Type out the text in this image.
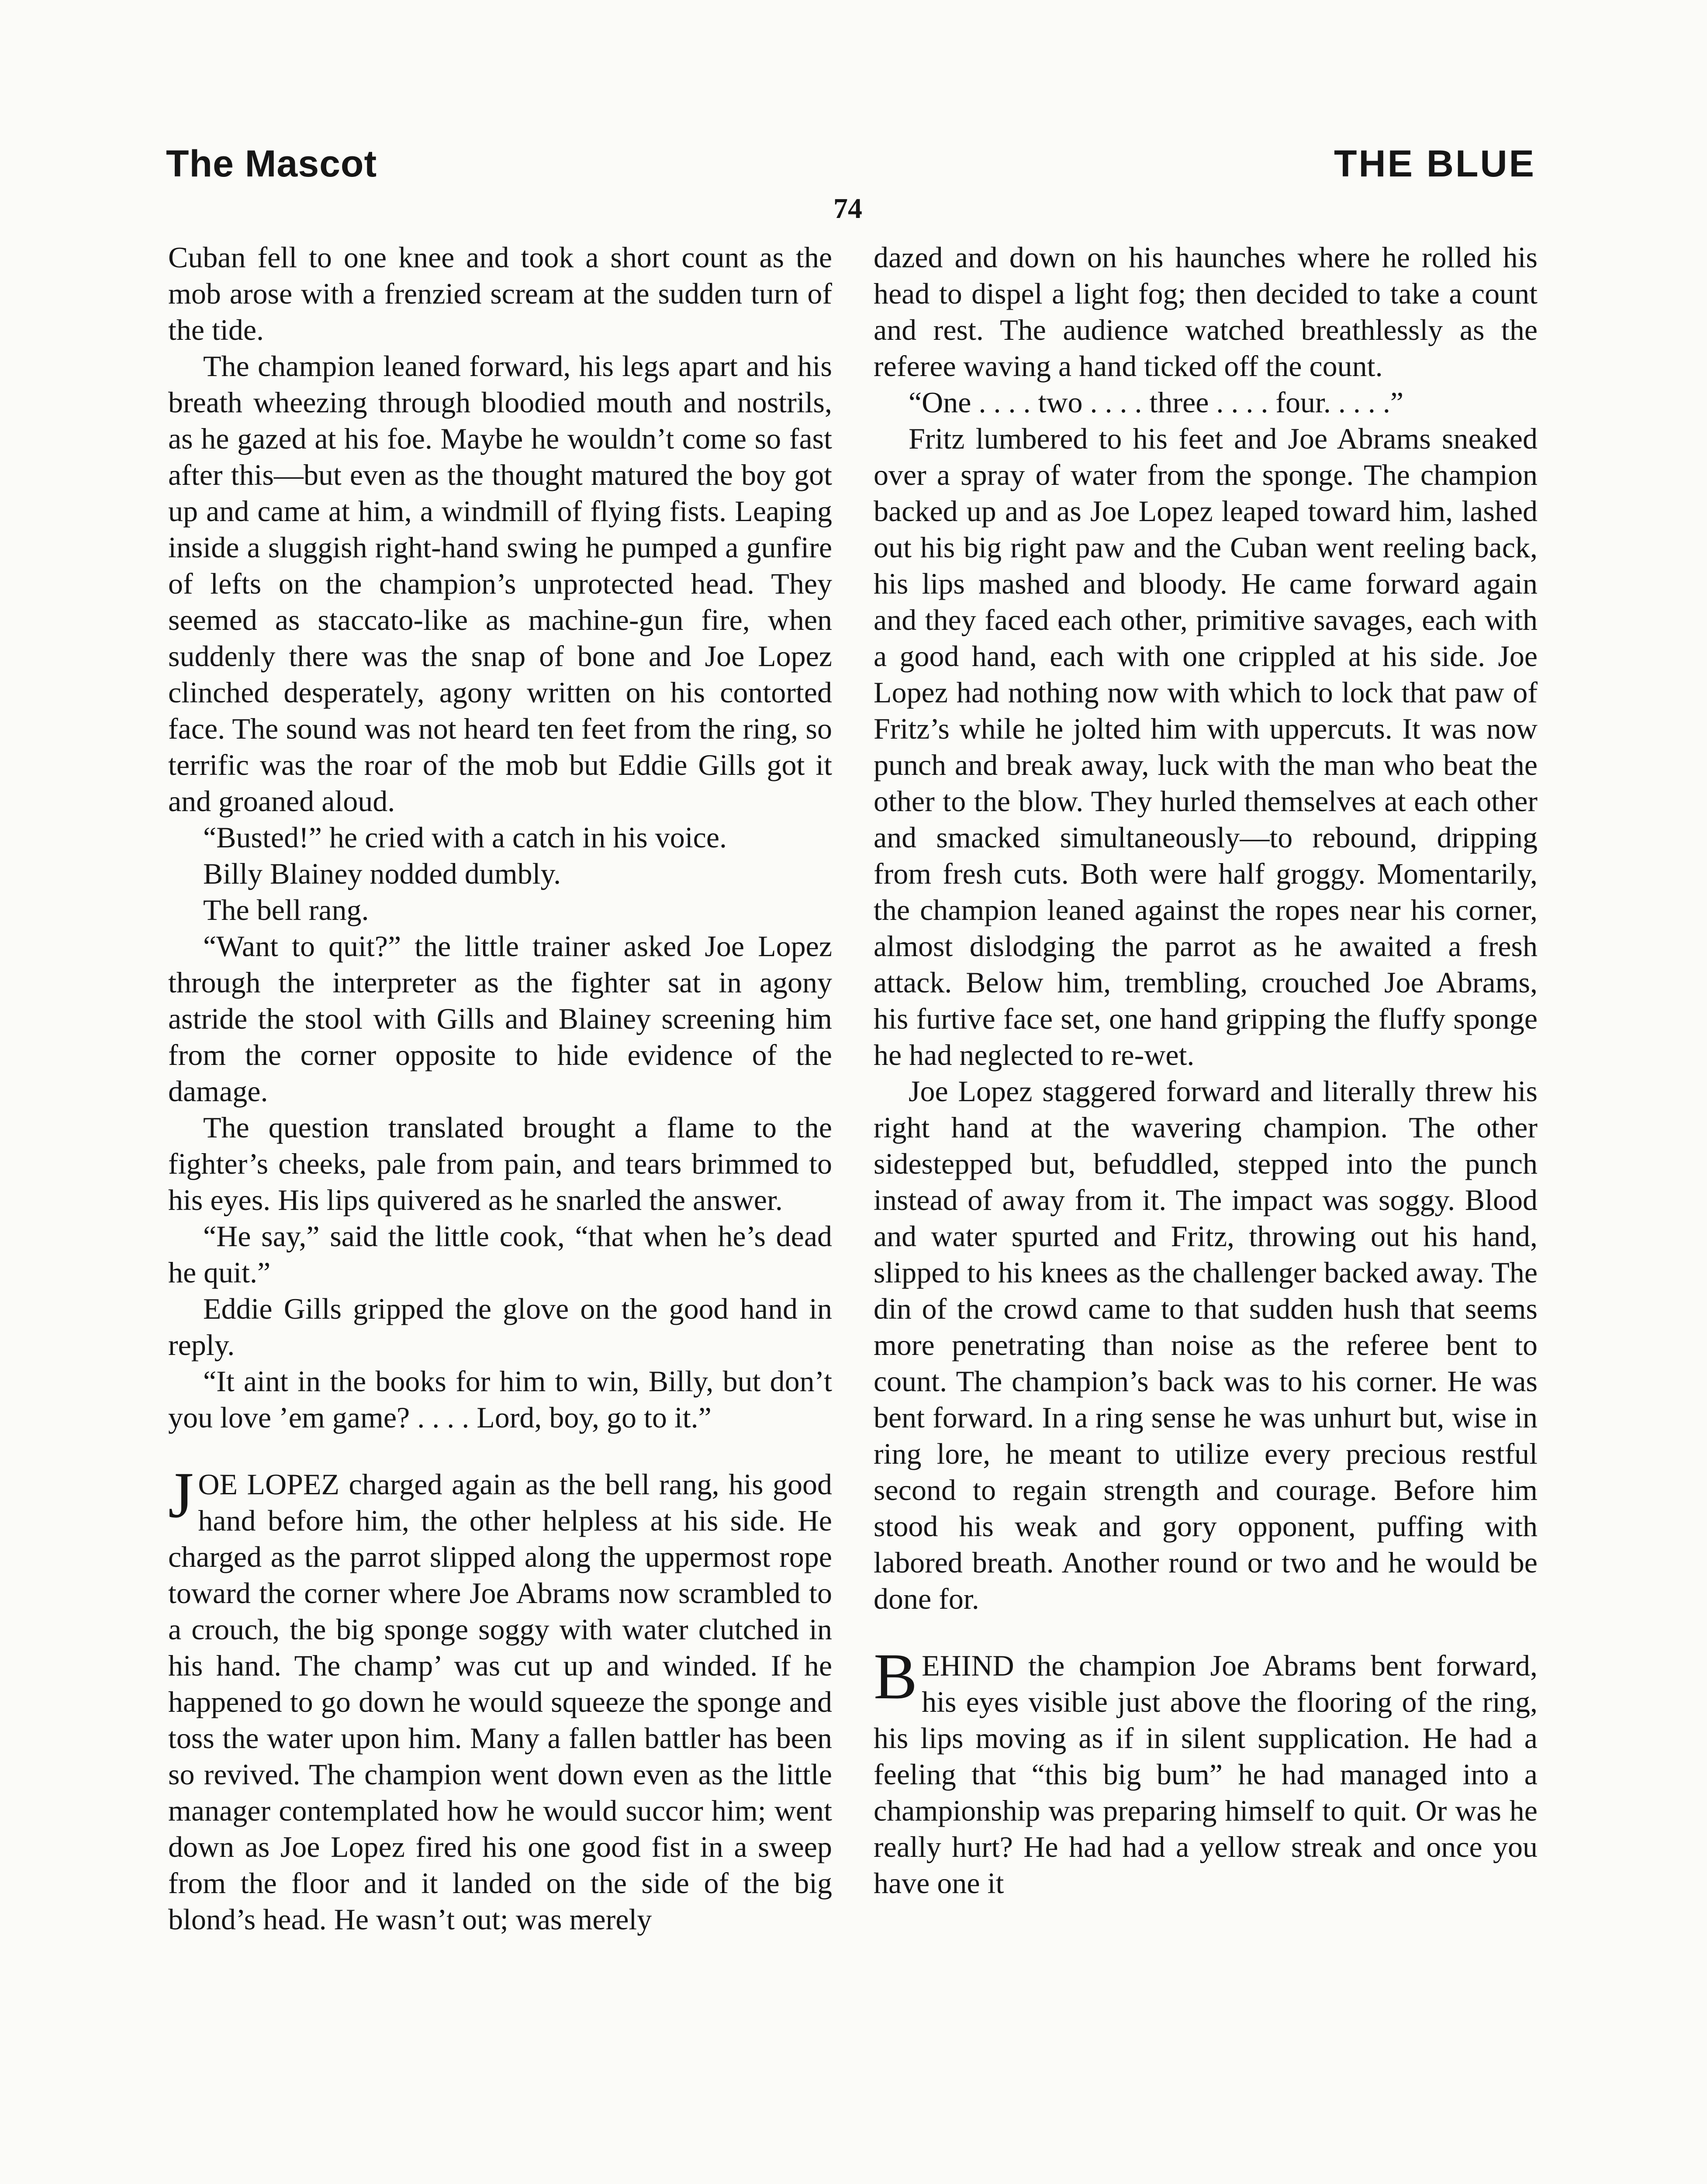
The Mascot	THE BLUE
74

Cuban fell to one knee and took a short count as the mob arose with a frenzied scream at the sudden turn of the tide.

The champion leaned forward, his legs apart and his breath wheezing through bloodied mouth and nostrils, as he gazed at his foe. Maybe he wouldn’t come so fast after this—but even as the thought matured the boy got up and came at him, a windmill of flying fists. Leaping inside a sluggish right-hand swing he pumped a gunfire of lefts on the champion’s unprotected head. They seemed as staccato-like as machine-gun fire, when suddenly there was the snap of bone and Joe Lopez clinched desperately, agony written on his contorted face. The sound was not heard ten feet from the ring, so terrific was the roar of the mob but Eddie Gills got it and groaned aloud.

“Busted!” he cried with a catch in his voice.

Billy Blainey nodded dumbly.

The bell rang.

“Want to quit?” the little trainer asked Joe Lopez through the interpreter as the fighter sat in agony astride the stool with Gills and Blainey screening him from the corner opposite to hide evidence of the damage.

The question translated brought a flame to the fighter’s cheeks, pale from pain, and tears brimmed to his eyes. His lips quivered as he snarled the answer.

“He say,” said the little cook, “that when he’s dead he quit.”

Eddie Gills gripped the glove on the good hand in reply.

“It aint in the books for him to win, Billy, but don’t you love ’em game? . . . . Lord, boy, go to it.”

JOE LOPEZ charged again as the bell rang, his good hand before him, the other helpless at his side. He charged as the parrot slipped along the uppermost rope toward the corner where Joe Abrams now scrambled to a crouch, the big sponge soggy with water clutched in his hand. The champ’ was cut up and winded. If he happened to go down he would squeeze the sponge and toss the water upon him. Many a fallen battler has been so revived. The champion went down even as the little manager contemplated how he would succor him; went down as Joe Lopez fired his one good fist in a sweep from the floor and it landed on the side of the big blond’s head. He wasn’t out; was merely

dazed and down on his haunches where he rolled his head to dispel a light fog; then decided to take a count and rest. The audience watched breathlessly as the referee waving a hand ticked off the count.

“One . . . . two . . . . three . . . . four. . . . .”

Fritz lumbered to his feet and Joe Abrams sneaked over a spray of water from the sponge. The champion backed up and as Joe Lopez leaped toward him, lashed out his big right paw and the Cuban went reeling back, his lips mashed and bloody. He came forward again and they faced each other, primitive savages, each with a good hand, each with one crippled at his side. Joe Lopez had nothing now with which to lock that paw of Fritz’s while he jolted him with uppercuts. It was now punch and break away, luck with the man who beat the other to the blow. They hurled themselves at each other and smacked simultaneously—to rebound, dripping from fresh cuts. Both were half groggy. Momentarily, the champion leaned against the ropes near his corner, almost dislodging the parrot as he awaited a fresh attack. Below him, trembling, crouched Joe Abrams, his furtive face set, one hand gripping the fluffy sponge he had neglected to re-wet.

Joe Lopez staggered forward and literally threw his right hand at the wavering champion. The other sidestepped but, befuddled, stepped into the punch instead of away from it. The impact was soggy. Blood and water spurted and Fritz, throwing out his hand, slipped to his knees as the challenger backed away. The din of the crowd came to that sudden hush that seems more penetrating than noise as the referee bent to count. The champion’s back was to his corner. He was bent forward. In a ring sense he was unhurt but, wise in ring lore, he meant to utilize every precious restful second to regain strength and courage. Before him stood his weak and gory opponent, puffing with labored breath. Another round or two and he would be done for.

BEHIND the champion Joe Abrams bent forward, his eyes visible just above the flooring of the ring, his lips moving as if in silent supplication. He had a feeling that “this big bum” he had managed into a championship was preparing himself to quit. Or was he really hurt? He had had a yellow streak and once you have one it
